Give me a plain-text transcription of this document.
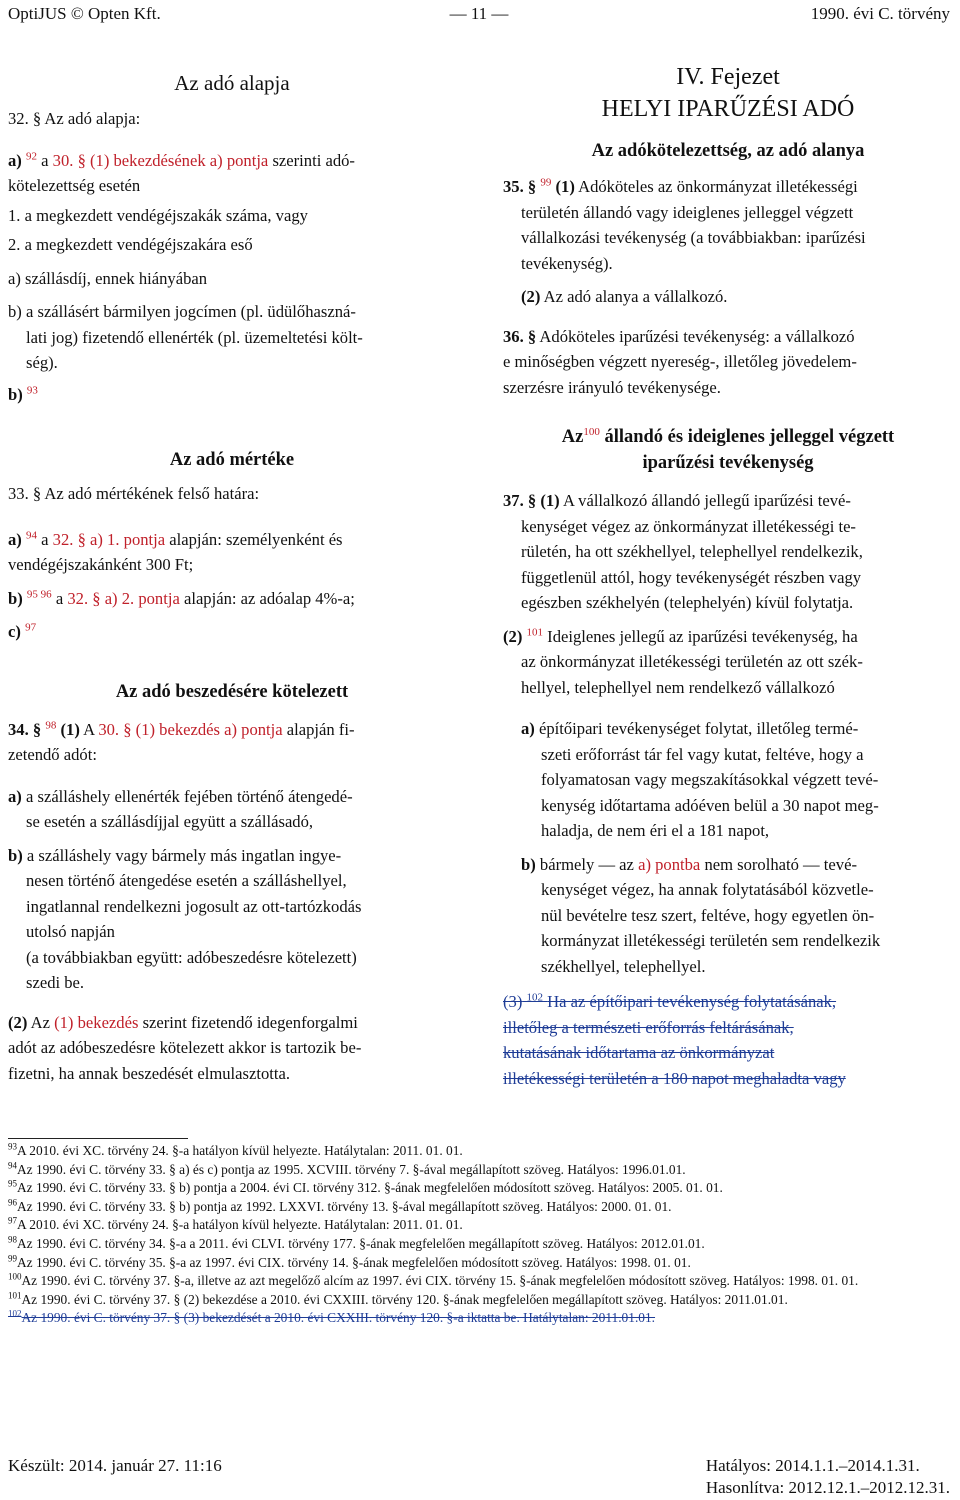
OptiJUS © Opten Kft.	— 11 —	1990. évi C. törvény
Az adó alapja

32. § Az adó alapja:

a) $^{92}$ a 30. § (1) bekezdésének a) pontja szerinti adó-

kötelezettség esetén

1. a megkezdett vendégéjszakák száma, vagy

2. a megkezdett vendégéjszakára eső

a) szállásdíj, ennek hiányában

b) a szállásért bármilyen jogcímen (pl. üdülőhaszná-

lati jog) fizetendő ellenérték (pl. üzemeltetési költ-

ség).

b) $^{93}$

Az adó mértéke

33. § Az adó mértékének felső határa:

a) $^{94}$ a 32. § a) 1. pontja alapján: személyenként és

vendégéjszakánként 300 Ft;

b) $^{95 96}$ a 32. § a) 2. pontja alapján: az adóalap 4%-a;

c) $^{97}$

Az adó beszedésére kötelezett

34. § $^{98}$ (1) A 30. § (1) bekezdés a) pontja alapján fi-

zetendő adót:

a) a szálláshely ellenérték fejében történő átengedé-

se esetén a szállásdíjjal együtt a szállásadó,

b) a szálláshely vagy bármely más ingatlan ingye-

nesen történő átengedése esetén a szálláshellyel,

ingatlannal rendelkezni jogosult az ott-tartózkodás

utolsó napján

(a továbbiakban együtt: adóbeszedésre kötelezett)

szedi be.

(2) Az (1) bekezdés szerint fizetendő idegenforgalmi

adót az adóbeszedésre kötelezett akkor is tartozik be-

fizetni, ha annak beszedését elmulasztotta.

IV. Fejezet
HELYI IPARŰZÉSI ADÓ
Az adókötelezettség, az adó alanya

35. § $^{99}$ (1) Adóköteles az önkormányzat illetékességi

területén állandó vagy ideiglenes jelleggel végzett

vállalkozási tevékenység (a továbbiakban: iparűzési

tevékenység).

(2) Az adó alanya a vállalkozó.

36. § Adóköteles iparűzési tevékenység: a vállalkozó

e minőségben végzett nyereség-, illetőleg jövedelem-

szerzésre irányuló tevékenysége.

Az$^{100}$ állandó és ideiglenes jelleggel végzett
iparűzési tevékenység

37. § (1) A vállalkozó állandó jellegű iparűzési tevé-

kenységet végez az önkormányzat illetékességi te-

rületén, ha ott székhellyel, telephellyel rendelkezik,

függetlenül attól, hogy tevékenységét részben vagy

egészben székhelyén (telephelyén) kívül folytatja.

(2) $^{101}$ Ideiglenes jellegű az iparűzési tevékenység, ha

az önkormányzat illetékességi területén az ott szék-

hellyel, telephellyel nem rendelkező vállalkozó

a) építőipari tevékenységet folytat, illetőleg termé-

szeti erőforrást tár fel vagy kutat, feltéve, hogy a

folyamatosan vagy megszakításokkal végzett tevé-

kenység időtartama adóéven belül a 30 napot meg-

haladja, de nem éri el a 181 napot,

b) bármely — az a) pontba nem sorolható — tevé-

kenységet végez, ha annak folytatásából közvetle-

nül bevételre tesz szert, feltéve, hogy egyetlen ön-

kormányzat illetékességi területén sem rendelkezik

székhellyel, telephellyel.

(3) $^{102}$ Ha az építőipari tevékenység folytatásának,

illetőleg a természeti erőforrás feltárásának,

kutatásának időtartama az önkormányzat

illetékességi területén a 180 napot meghaladta vagy

$^{93}$A 2010. évi XC. törvény 24. §-a hatályon kívül helyezte. Hatálytalan: 2011. 01. 01.
$^{94}$Az 1990. évi C. törvény 33. § a) és c) pontja az 1995. XCVIII. törvény 7. §-ával megállapított szöveg. Hatályos: 1996.01.01.
$^{95}$Az 1990. évi C. törvény 33. § b) pontja a 2004. évi CI. törvény 312. §-ának megfelelően módosított szöveg. Hatályos: 2005. 01. 01.
$^{96}$Az 1990. évi C. törvény 33. § b) pontja az 1992. LXXVI. törvény 13. §-ával megállapított szöveg. Hatályos: 2000. 01. 01.
$^{97}$A 2010. évi XC. törvény 24. §-a hatályon kívül helyezte. Hatálytalan: 2011. 01. 01.
$^{98}$Az 1990. évi C. törvény 34. §-a a 2011. évi CLVI. törvény 177. §-ának megfelelően megállapított szöveg. Hatályos: 2012.01.01.
$^{99}$Az 1990. évi C. törvény 35. §-a az 1997. évi CIX. törvény 14. §-ának megfelelően módosított szöveg. Hatályos: 1998. 01. 01.
$^{100}$Az 1990. évi C. törvény 37. §-a, illetve az azt megelőző alcím az 1997. évi CIX. törvény 15. §-ának megfelelően módosított szöveg. Hatályos: 1998. 01. 01.
$^{101}$Az 1990. évi C. törvény 37. § (2) bekezdése a 2010. évi CXXIII. törvény 120. §-ának megfelelően megállapított szöveg. Hatályos: 2011.01.01.
$^{102}$Az 1990. évi C. törvény 37. § (3) bekezdését a 2010. évi CXXIII. törvény 120. §-a iktatta be. Hatálytalan: 2011.01.01.
Készült: 2014. január 27. 11:16	Hatályos: 2014.1.1.–2014.1.31.
Hasonlítva: 2012.12.1.–2012.12.31.
